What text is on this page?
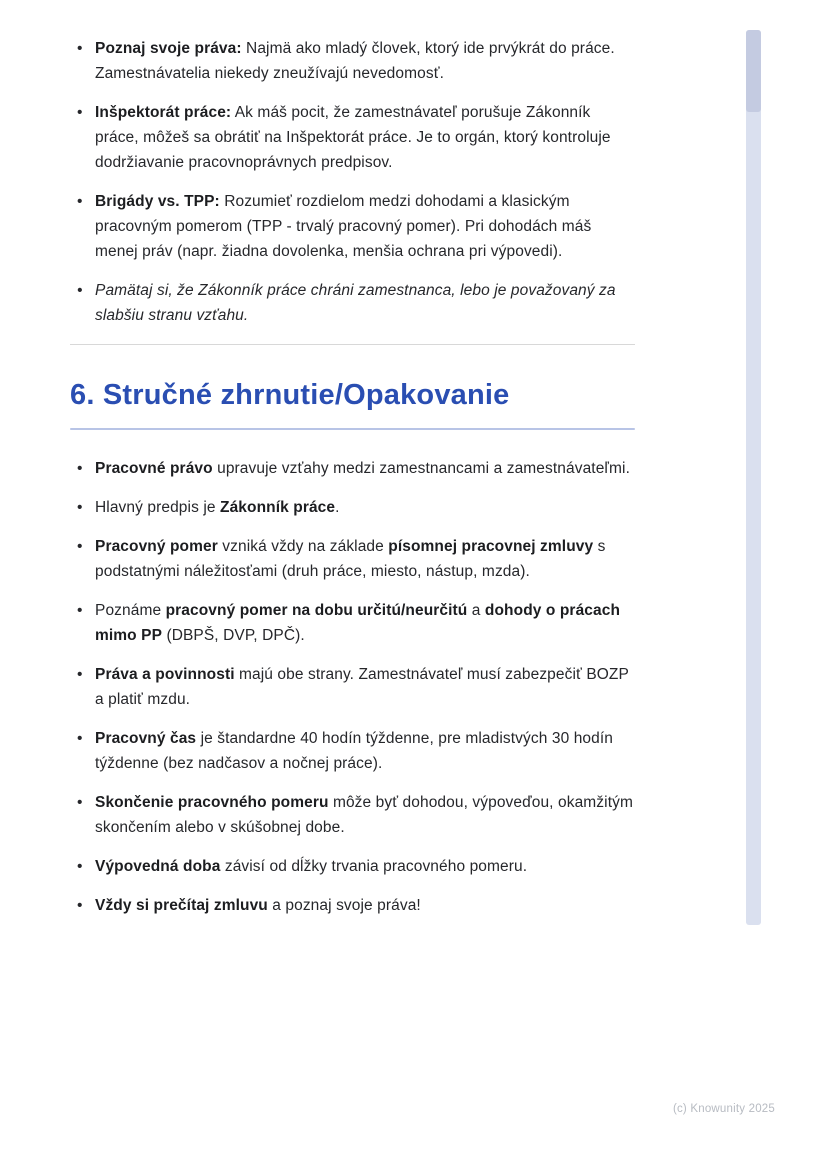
• Poznaj svoje práva: Najmä ako mladý človek, ktorý ide prvýkrát do práce. Zamestnávatelia niekedy zneužívajú nevedomosť.
• Inšpektorát práce: Ak máš pocit, že zamestnávateľ porušuje Zákonník práce, môžeš sa obrátiť na Inšpektorát práce. Je to orgán, ktorý kontroluje dodržiavanie pracovnoprávnych predpisov.
• Brigády vs. TPP: Rozumieť rozdielom medzi dohodami a klasickým pracovným pomerom (TPP - trvalý pracovný pomer). Pri dohodách máš menej práv (napr. žiadna dovolenka, menšia ochrana pri výpovedi).
• Pamätaj si, že Zákonník práce chráni zamestnanca, lebo je považovaný za slabšiu stranu vzťahu.
6. Stručné zhrnutie/Opakovanie
• Pracovné právo upravuje vzťahy medzi zamestnancami a zamestnávateľmi.
• Hlavný predpis je Zákonník práce.
• Pracovný pomer vzniká vždy na základe písomnej pracovnej zmluvy s podstatnými náležitosťami (druh práce, miesto, nástup, mzda).
• Poznáme pracovný pomer na dobu určitú/neurčitú a dohody o prácach mimo PP (DBPŠ, DVP, DPČ).
• Práva a povinnosti majú obe strany. Zamestnávateľ musí zabezpečiť BOZP a platiť mzdu.
• Pracovný čas je štandardne 40 hodín týždenne, pre mladistvých 30 hodín týždenne (bez nadčasov a nočnej práce).
• Skončenie pracovného pomeru môže byť dohodou, výpoveďou, okamžitým skončením alebo v skúšobnej dobe.
• Výpovedná doba závisí od dĺžky trvania pracovného pomeru.
• Vždy si prečítaj zmluvu a poznaj svoje práva!
(c) Knowunity 2025
